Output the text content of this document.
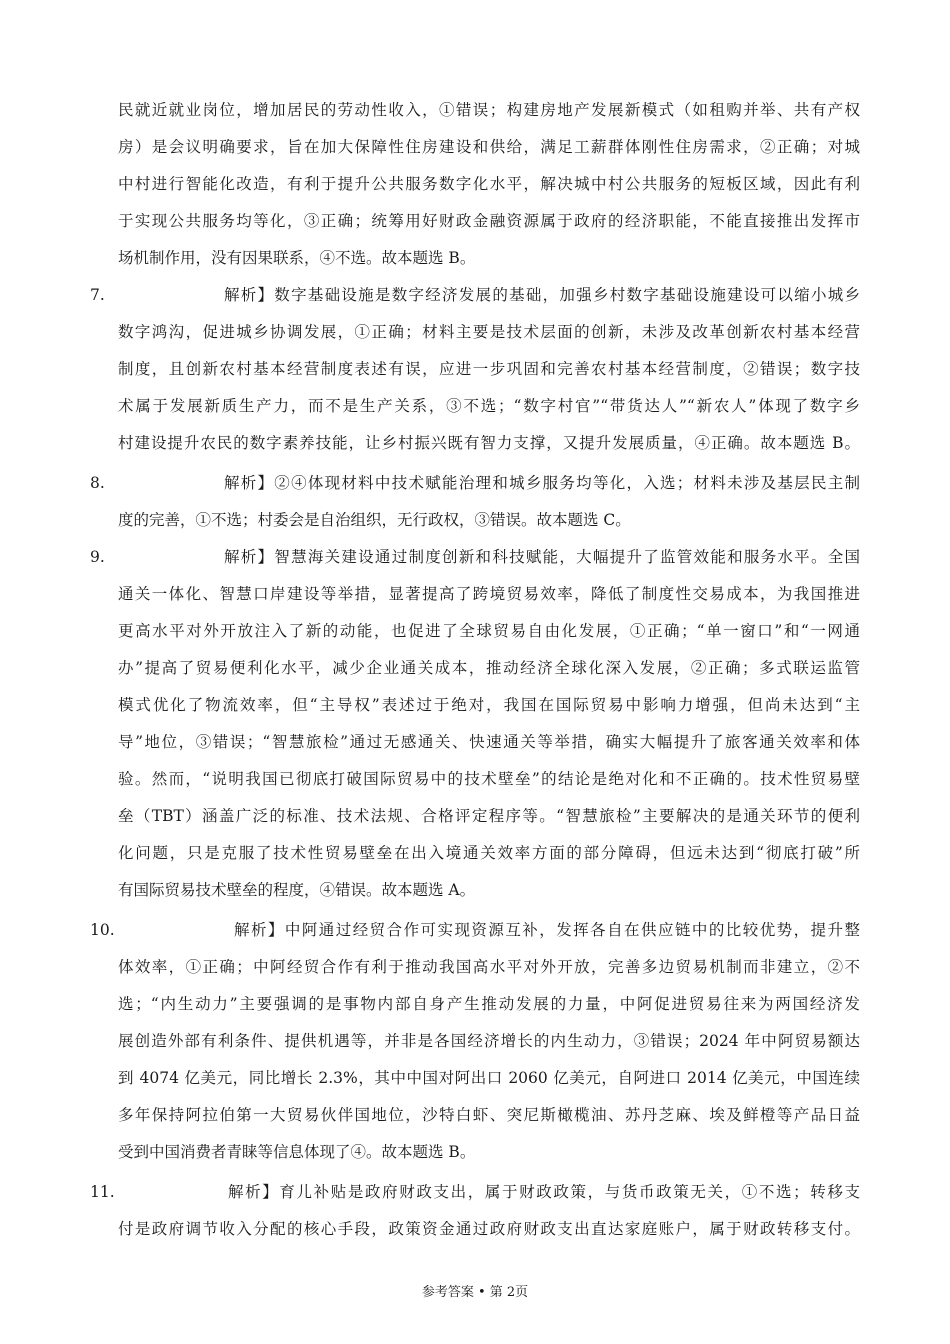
民就近就业岗位，增加居民的劳动性收入，①错误；构建房地产发展新模式（如租购并举、共有产权
房）是会议明确要求，旨在加大保障性住房建设和供给，满足工薪群体刚性住房需求，②正确；对城
中村进行智能化改造，有利于提升公共服务数字化水平，解决城中村公共服务的短板区域，因此有利
于实现公共服务均等化，③正确；统筹用好财政金融资源属于政府的经济职能，不能直接推出发挥市
场机制作用，没有因果联系，④不选。故本题选 B。
7.	解析】数字基础设施是数字经济发展的基础，加强乡村数字基础设施建设可以缩小城乡
数字鸿沟，促进城乡协调发展，①正确；材料主要是技术层面的创新，未涉及改革创新农村基本经营
制度，且创新农村基本经营制度表述有误，应进一步巩固和完善农村基本经营制度，②错误；数字技
术属于发展新质生产力，而不是生产关系，③不选；“数字村官”“带货达人”“新农人”体现了数字乡
村建设提升农民的数字素养技能，让乡村振兴既有智力支撑，又提升发展质量，④正确。故本题选 B。
8.	解析】②④体现材料中技术赋能治理和城乡服务均等化，入选；材料未涉及基层民主制
度的完善，①不选；村委会是自治组织，无行政权，③错误。故本题选 C。
9.	解析】智慧海关建设通过制度创新和科技赋能，大幅提升了监管效能和服务水平。全国
通关一体化、智慧口岸建设等举措，显著提高了跨境贸易效率，降低了制度性交易成本，为我国推进
更高水平对外开放注入了新的动能，也促进了全球贸易自由化发展，①正确；“单一窗口”和“一网通
办”提高了贸易便利化水平，减少企业通关成本，推动经济全球化深入发展，②正确；多式联运监管
模式优化了物流效率，但“主导权”表述过于绝对，我国在国际贸易中影响力增强，但尚未达到“主
导”地位，③错误；“智慧旅检”通过无感通关、快速通关等举措，确实大幅提升了旅客通关效率和体
验。然而，“说明我国已彻底打破国际贸易中的技术壁垒”的结论是绝对化和不正确的。技术性贸易壁
垒（TBT）涵盖广泛的标准、技术法规、合格评定程序等。“智慧旅检”主要解决的是通关环节的便利
化问题，只是克服了技术性贸易壁垒在出入境通关效率方面的部分障碍，但远未达到“彻底打破”所
有国际贸易技术壁垒的程度，④错误。故本题选 A。
10.	解析】中阿通过经贸合作可实现资源互补，发挥各自在供应链中的比较优势，提升整
体效率，①正确；中阿经贸合作有利于推动我国高水平对外开放，完善多边贸易机制而非建立，②不
选；“内生动力”主要强调的是事物内部自身产生推动发展的力量，中阿促进贸易往来为两国经济发
展创造外部有利条件、提供机遇等，并非是各国经济增长的内生动力，③错误；2024 年中阿贸易额达
到 4074 亿美元，同比增长 2.3%，其中中国对阿出口 2060 亿美元，自阿进口 2014 亿美元，中国连续
多年保持阿拉伯第一大贸易伙伴国地位，沙特白虾、突尼斯橄榄油、苏丹芝麻、埃及鲜橙等产品日益
受到中国消费者青睐等信息体现了④。故本题选 B。
11.	解析】育儿补贴是政府财政支出，属于财政政策，与货币政策无关，①不选；转移支
付是政府调节收入分配的核心手段，政策资金通过政府财政支出直达家庭账户，属于财政转移支付。
参考答案 • 第 2页
